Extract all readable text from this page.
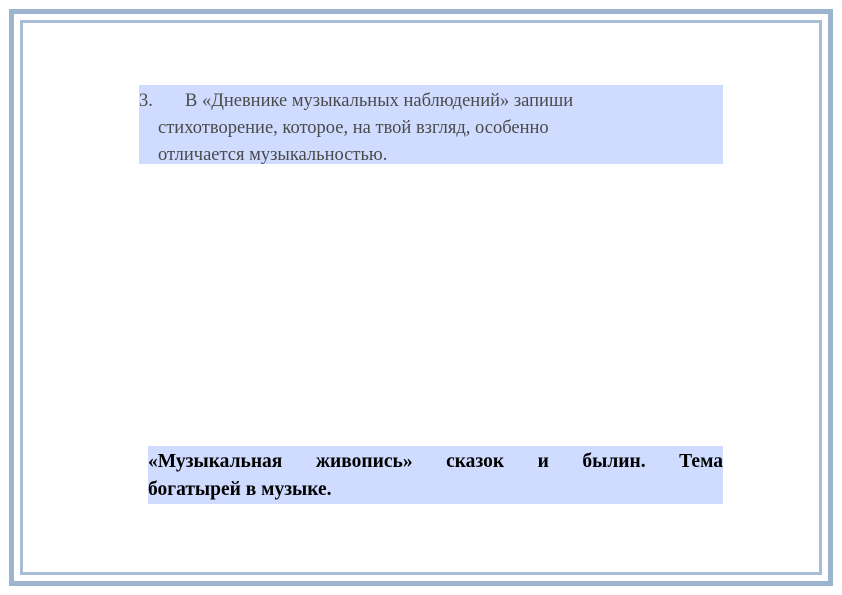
3. В «Дневнике музыкальных наблюдений» запиши
стихотворение, которое, на твой взгляд, особенно
отличается музыкальностью.
«Музыкальная живопись» сказок и былин. Тема
богатырей в музыке.
